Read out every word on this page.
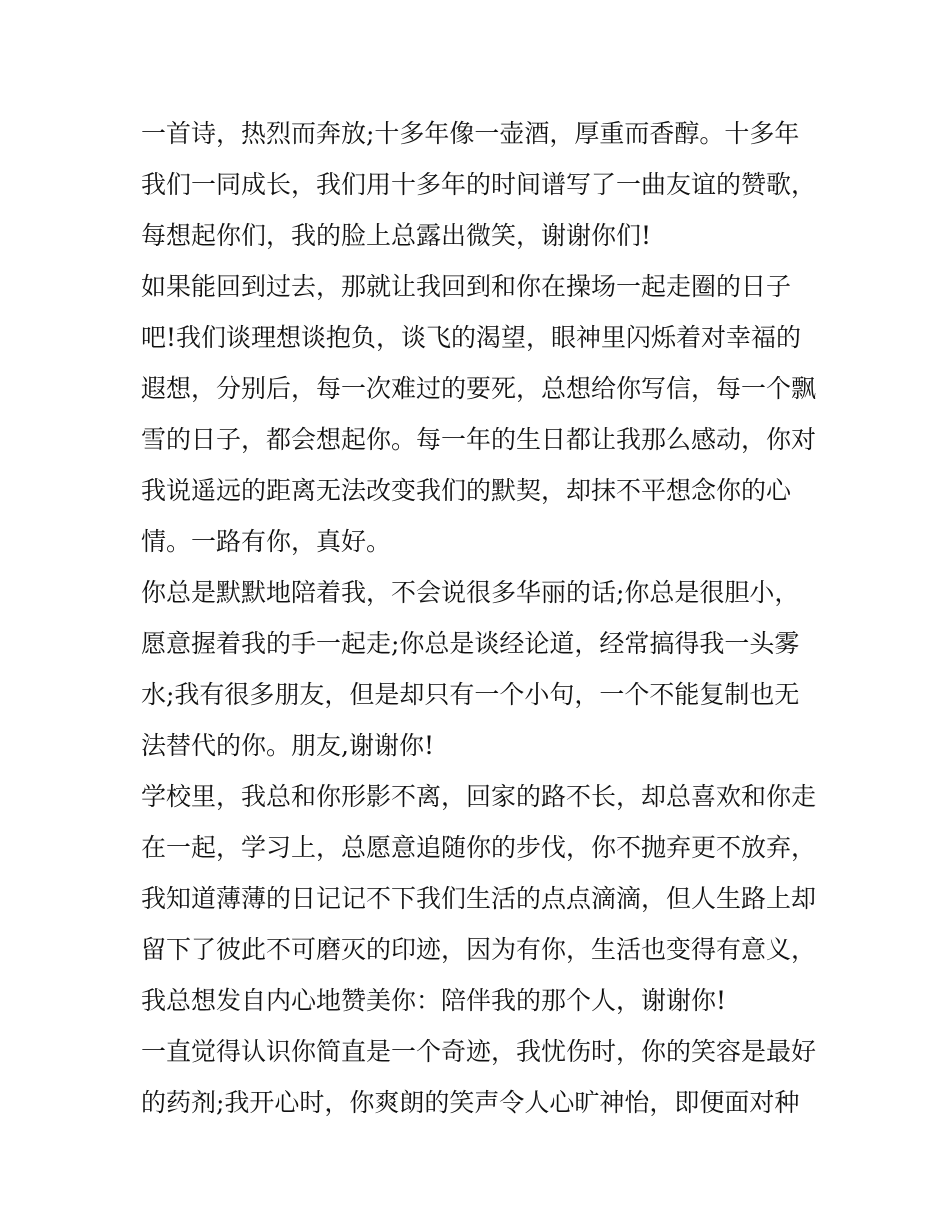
一首诗，热烈而奔放;十多年像一壶酒，厚重而香醇。十多年
我们一同成长，我们用十多年的时间谱写了一曲友谊的赞歌，
每想起你们，我的脸上总露出微笑，谢谢你们!
如果能回到过去，那就让我回到和你在操场一起走圈的日子
吧!我们谈理想谈抱负，谈飞的渴望，眼神里闪烁着对幸福的
遐想，分别后，每一次难过的要死，总想给你写信，每一个飘
雪的日子，都会想起你。每一年的生日都让我那么感动，你对
我说遥远的距离无法改变我们的默契，却抹不平想念你的心
情。一路有你，真好。
你总是默默地陪着我，不会说很多华丽的话;你总是很胆小，
愿意握着我的手一起走;你总是谈经论道，经常搞得我一头雾
水;我有很多朋友，但是却只有一个小句，一个不能复制也无
法替代的你。朋友,谢谢你!
学校里，我总和你形影不离，回家的路不长，却总喜欢和你走
在一起，学习上，总愿意追随你的步伐，你不抛弃更不放弃，
我知道薄薄的日记记不下我们生活的点点滴滴，但人生路上却
留下了彼此不可磨灭的印迹，因为有你，生活也变得有意义，
我总想发自内心地赞美你：陪伴我的那个人，谢谢你!
一直觉得认识你简直是一个奇迹，我忧伤时，你的笑容是最好
的药剂;我开心时，你爽朗的笑声令人心旷神怡，即便面对种
